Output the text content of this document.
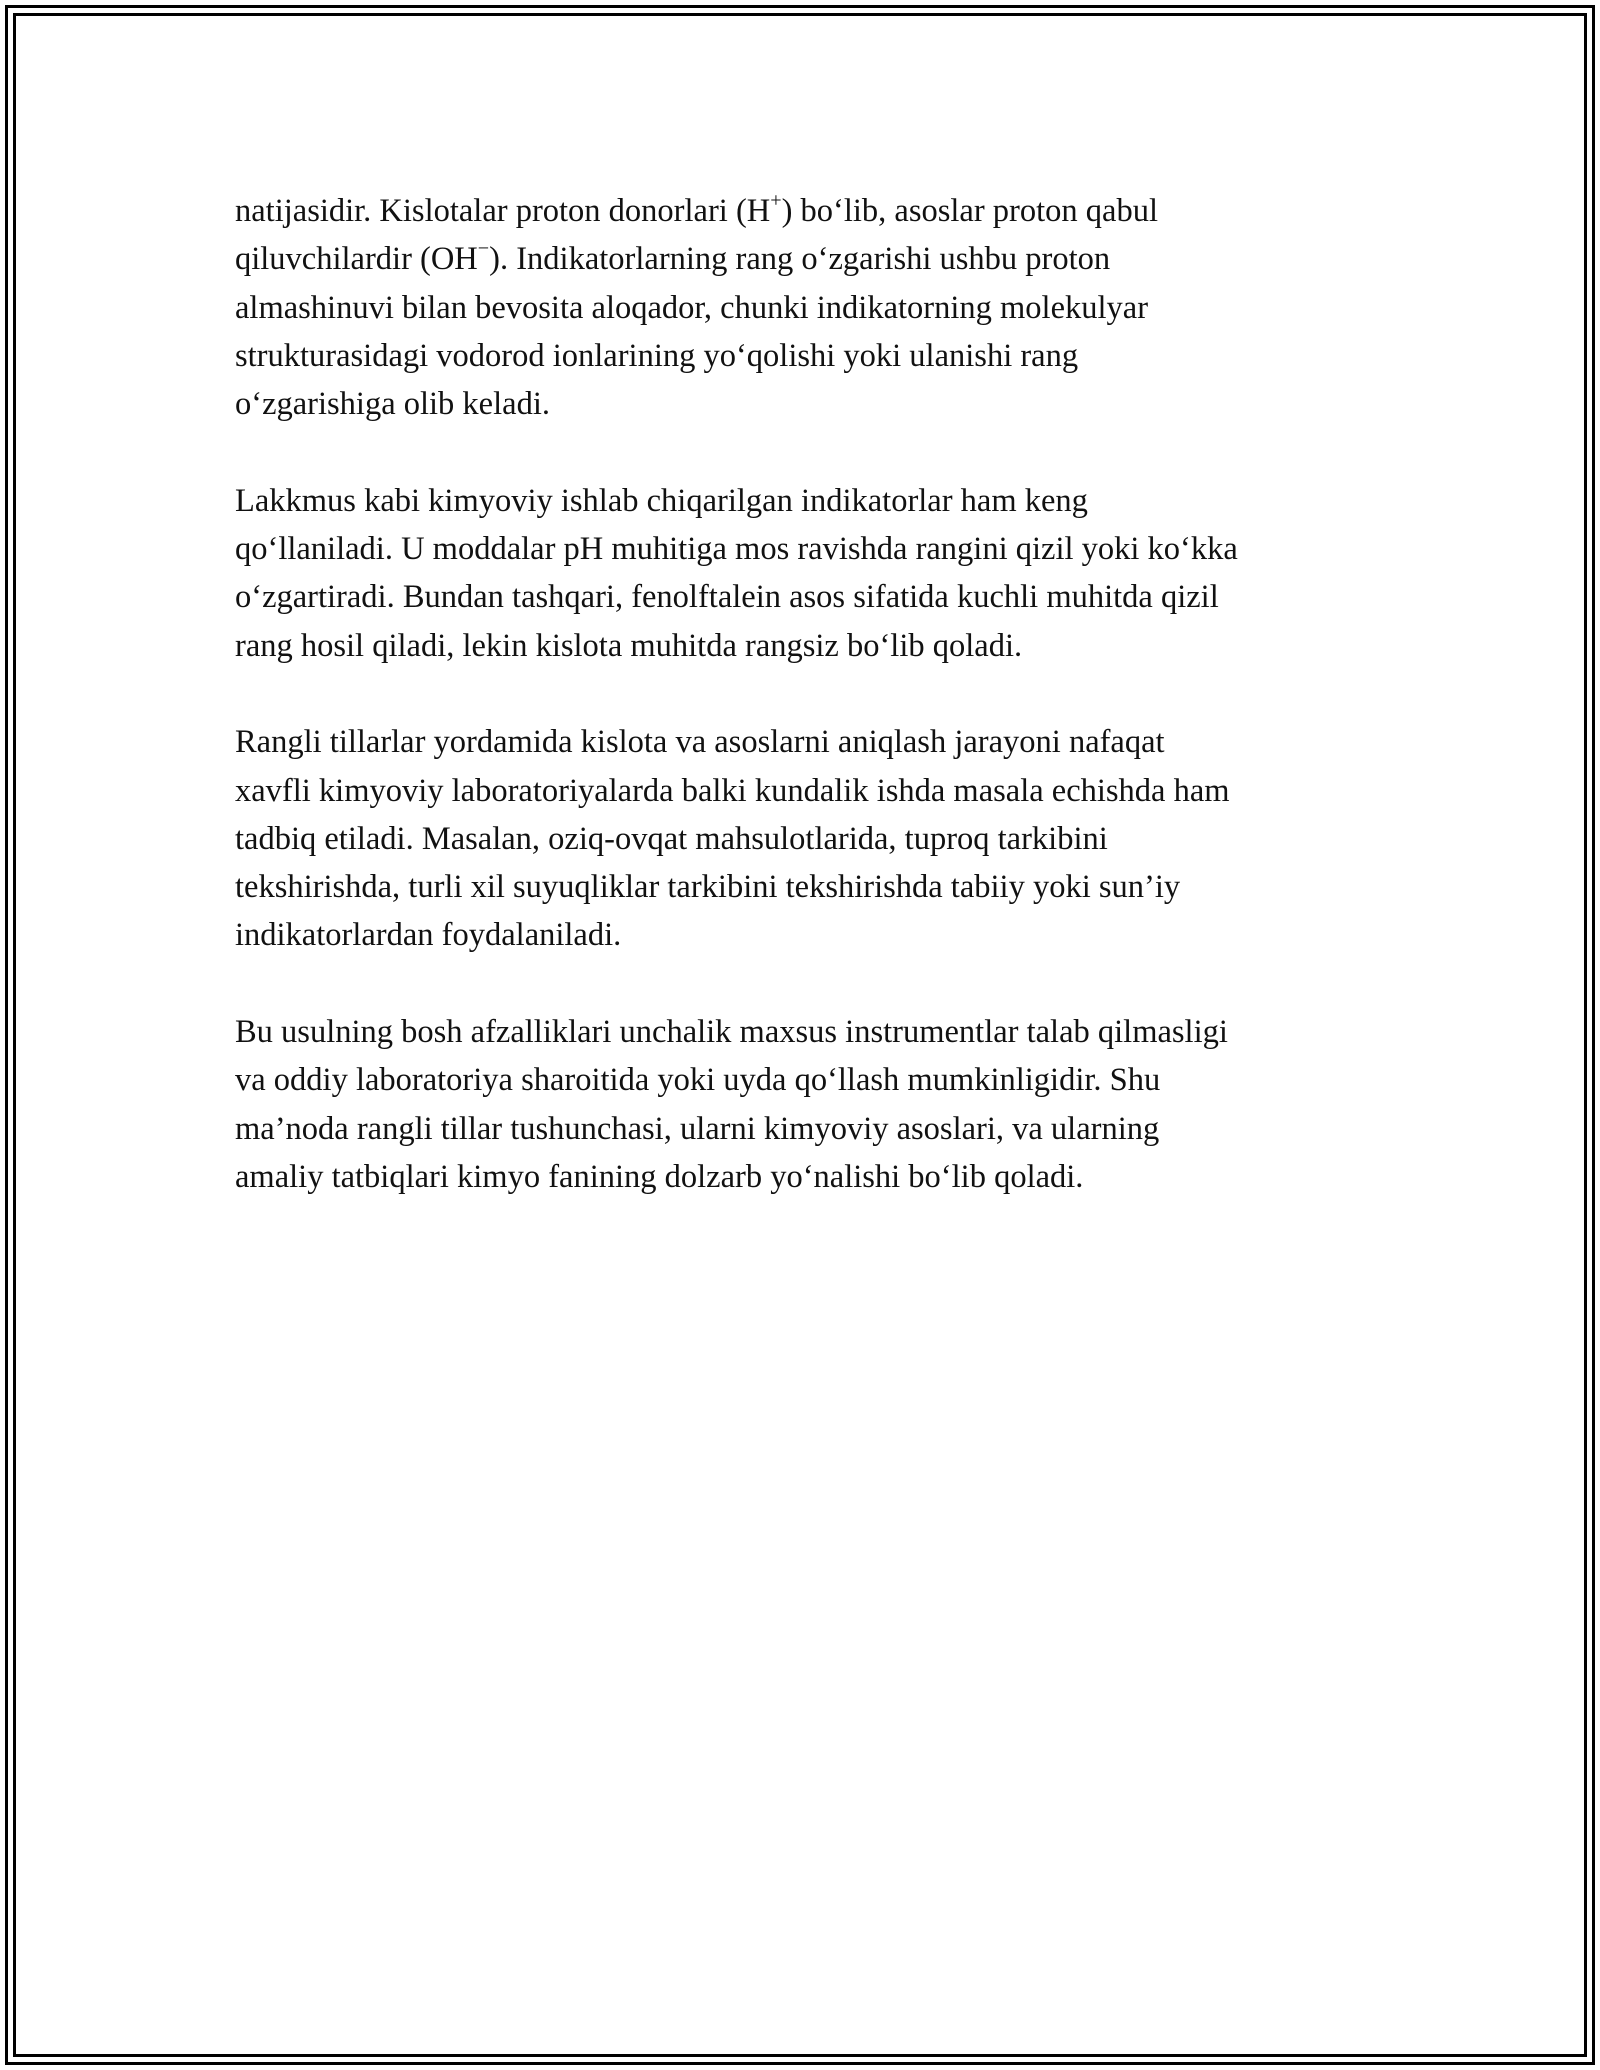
natijasidir. Kislotalar proton donorlari (H+) bo‘lib, asoslar proton qabul
qiluvchilardir (OH−). Indikatorlarning rang o‘zgarishi ushbu proton
almashinuvi bilan bevosita aloqador, chunki indikatorning molekulyar
strukturasidagi vodorod ionlarining yo‘qolishi yoki ulanishi rang
o‘zgarishiga olib keladi.

Lakkmus kabi kimyoviy ishlab chiqarilgan indikatorlar ham keng
qo‘llaniladi. U moddalar pH muhitiga mos ravishda rangini qizil yoki ko‘kka
o‘zgartiradi. Bundan tashqari, fenolftalein asos sifatida kuchli muhitda qizil
rang hosil qiladi, lekin kislota muhitda rangsiz bo‘lib qoladi.

Rangli tillarlar yordamida kislota va asoslarni aniqlash jarayoni nafaqat
xavfli kimyoviy laboratoriyalarda balki kundalik ishda masala echishda ham
tadbiq etiladi. Masalan, oziq-ovqat mahsulotlarida, tuproq tarkibini
tekshirishda, turli xil suyuqliklar tarkibini tekshirishda tabiiy yoki sun’iy
indikatorlardan foydalaniladi.

Bu usulning bosh afzalliklari unchalik maxsus instrumentlar talab qilmasligi
va oddiy laboratoriya sharoitida yoki uyda qo‘llash mumkinligidir. Shu
ma’noda rangli tillar tushunchasi, ularni kimyoviy asoslari, va ularning
amaliy tatbiqlari kimyo fanining dolzarb yo‘nalishi bo‘lib qoladi.
